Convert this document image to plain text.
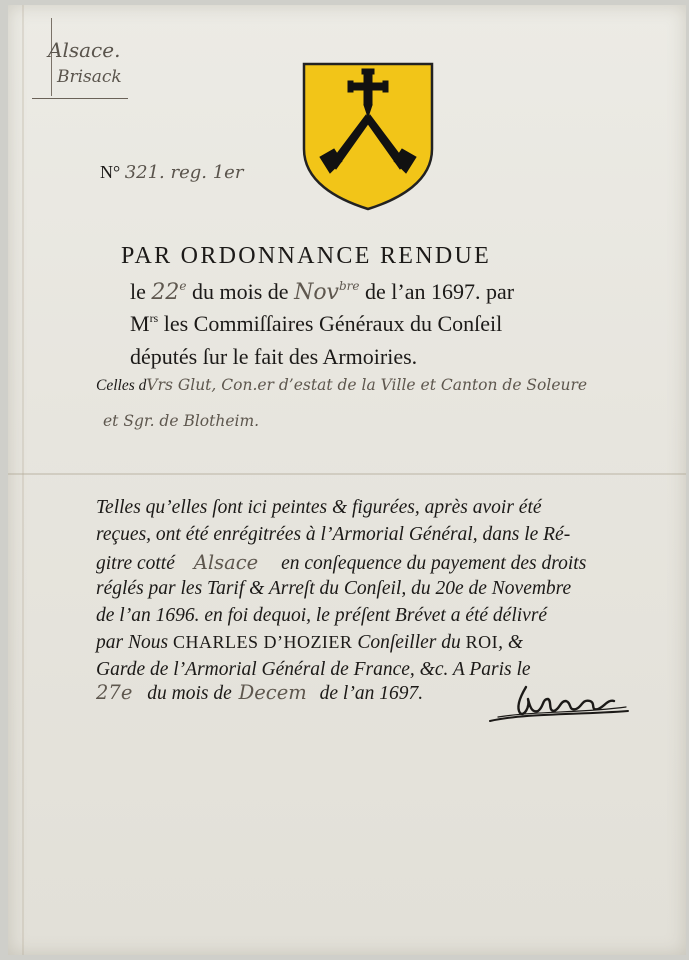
Alsace.
Brisack
N° 321. reg. 1er
PAR ORDONNANCE RENDUE
le 22e du mois de Nov$^{bre}$ de l’an 1697. par
$M^{rs}$ les Commiſſaires Généraux du Conſeil
députés ſur le fait des Armoiries.
Celles dVrs Glut, Con.er d’estat de la Ville et Canton de Soleure
et Sgr. de Blotheim.
Telles qu’elles ſont ici peintes & figurées, après avoir été
reçues, ont été enrégitrées à l’Armorial Général, dans le Ré-
gitre cotté Alsace en conſequence du payement des droits
réglés par les Tarif & Arreſt du Conſeil, du 20e de Novembre
de l’an 1696. en foi dequoi, le préſent Brévet a été délivré
par Nous CHARLES D’HOZIER Conſeiller du ROI, &
Garde de l’Armorial Général de France, &c. A Paris le
27e du mois de Decem de l’an 1697.
